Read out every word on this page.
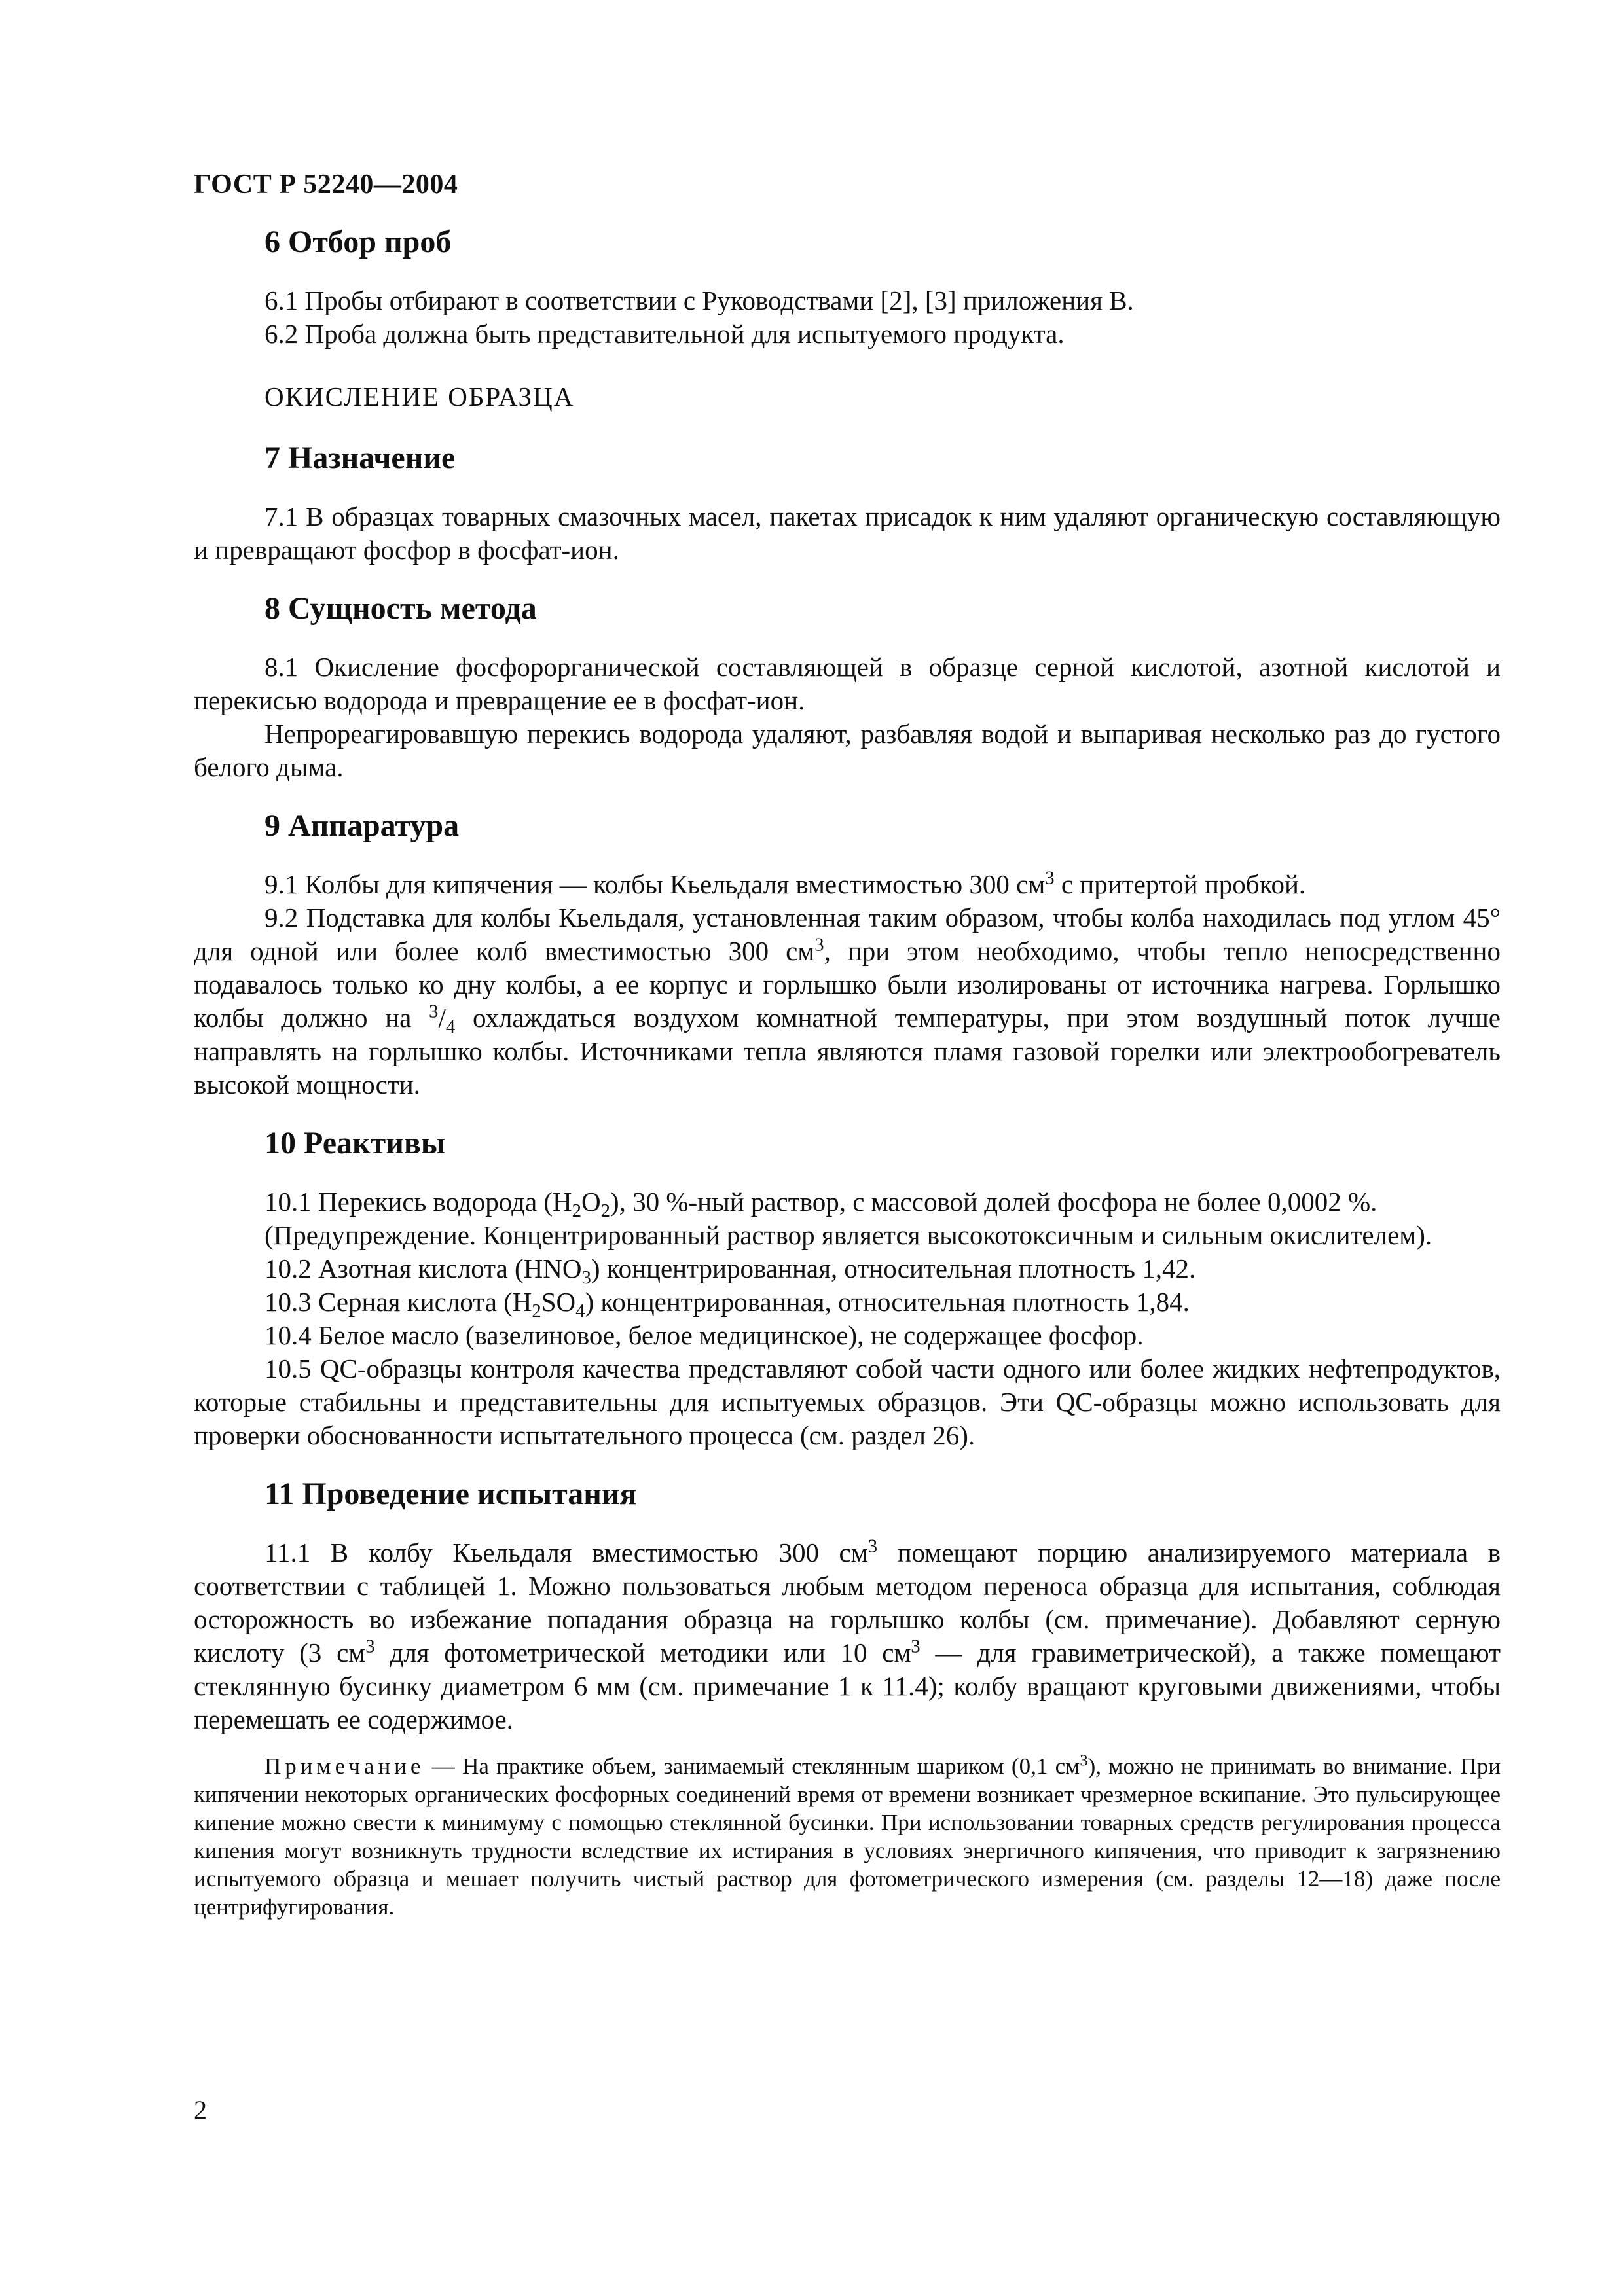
ГОСТ Р 52240—2004
6 Отбор проб

6.1 Пробы отбирают в соответствии с Руководствами [2], [3] приложения В.

6.2 Проба должна быть представительной для испытуемого продукта.

ОКИСЛЕНИЕ ОБРАЗЦА

7 Назначение

7.1 В образцах товарных смазочных масел, пакетах присадок к ним удаляют органическую составляющую и превращают фосфор в фосфат-ион.

8 Сущность метода

8.1 Окисление фосфорорганической составляющей в образце серной кислотой, азотной кислотой и перекисью водорода и превращение ее в фосфат-ион.

Непрореагировавшую перекись водорода удаляют, разбавляя водой и выпаривая несколько раз до густого белого дыма.

9 Аппаратура

9.1 Колбы для кипячения — колбы Кьельдаля вместимостью 300 $см^3$ с притертой пробкой.

9.2 Подставка для колбы Кьельдаля, установленная таким образом, чтобы колба находилась под углом 45° для одной или более колб вместимостью 300 $см^3$, при этом необходимо, чтобы тепло непосредственно подавалось только ко дну колбы, а ее корпус и горлышко были изолированы от источника нагрева. Горлышко колбы должно на $^3/_4$ охлаждаться воздухом комнатной температуры, при этом воздушный поток лучше направлять на горлышко колбы. Источниками тепла являются пламя газовой горелки или электрообогреватель высокой мощности.

10 Реактивы

10.1 Перекись водорода $(H_2O_2)$, 30 %-ный раствор, с массовой долей фосфора не более 0,0002 %.

(Предупреждение. Концентрированный раствор является высокотоксичным и сильным окислителем).

10.2 Азотная кислота $(HNO_3)$ концентрированная, относительная плотность 1,42.

10.3 Серная кислота $(H_2SO_4)$ концентрированная, относительная плотность 1,84.

10.4 Белое масло (вазелиновое, белое медицинское), не содержащее фосфор.

10.5 QC-образцы контроля качества представляют собой части одного или более жидких нефтепродуктов, которые стабильны и представительны для испытуемых образцов. Эти QC-образцы можно использовать для проверки обоснованности испытательного процесса (см. раздел 26).

11 Проведение испытания

11.1 В колбу Кьельдаля вместимостью 300 $см^3$ помещают порцию анализируемого материала в соответствии с таблицей 1. Можно пользоваться любым методом переноса образца для испытания, соблюдая осторожность во избежание попадания образца на горлышко колбы (см. примечание). Добавляют серную кислоту (3 $см^3$ для фотометрической методики или 10 $см^3$ — для гравиметрической), а также помещают стеклянную бусинку диаметром 6 мм (см. примечание 1 к 11.4); колбу вращают круговыми движениями, чтобы перемешать ее содержимое.

Примечание — На практике объем, занимаемый стеклянным шариком (0,1 $см^3$), можно не принимать во внимание. При кипячении некоторых органических фосфорных соединений время от времени возникает чрезмерное вскипание. Это пульсирующее кипение можно свести к минимуму с помощью стеклянной бусинки. При использовании товарных средств регулирования процесса кипения могут возникнуть трудности вследствие их истирания в условиях энергичного кипячения, что приводит к загрязнению испытуемого образца и мешает получить чистый раствор для фотометрического измерения (см. разделы 12—18) даже после центрифугирования.

2
